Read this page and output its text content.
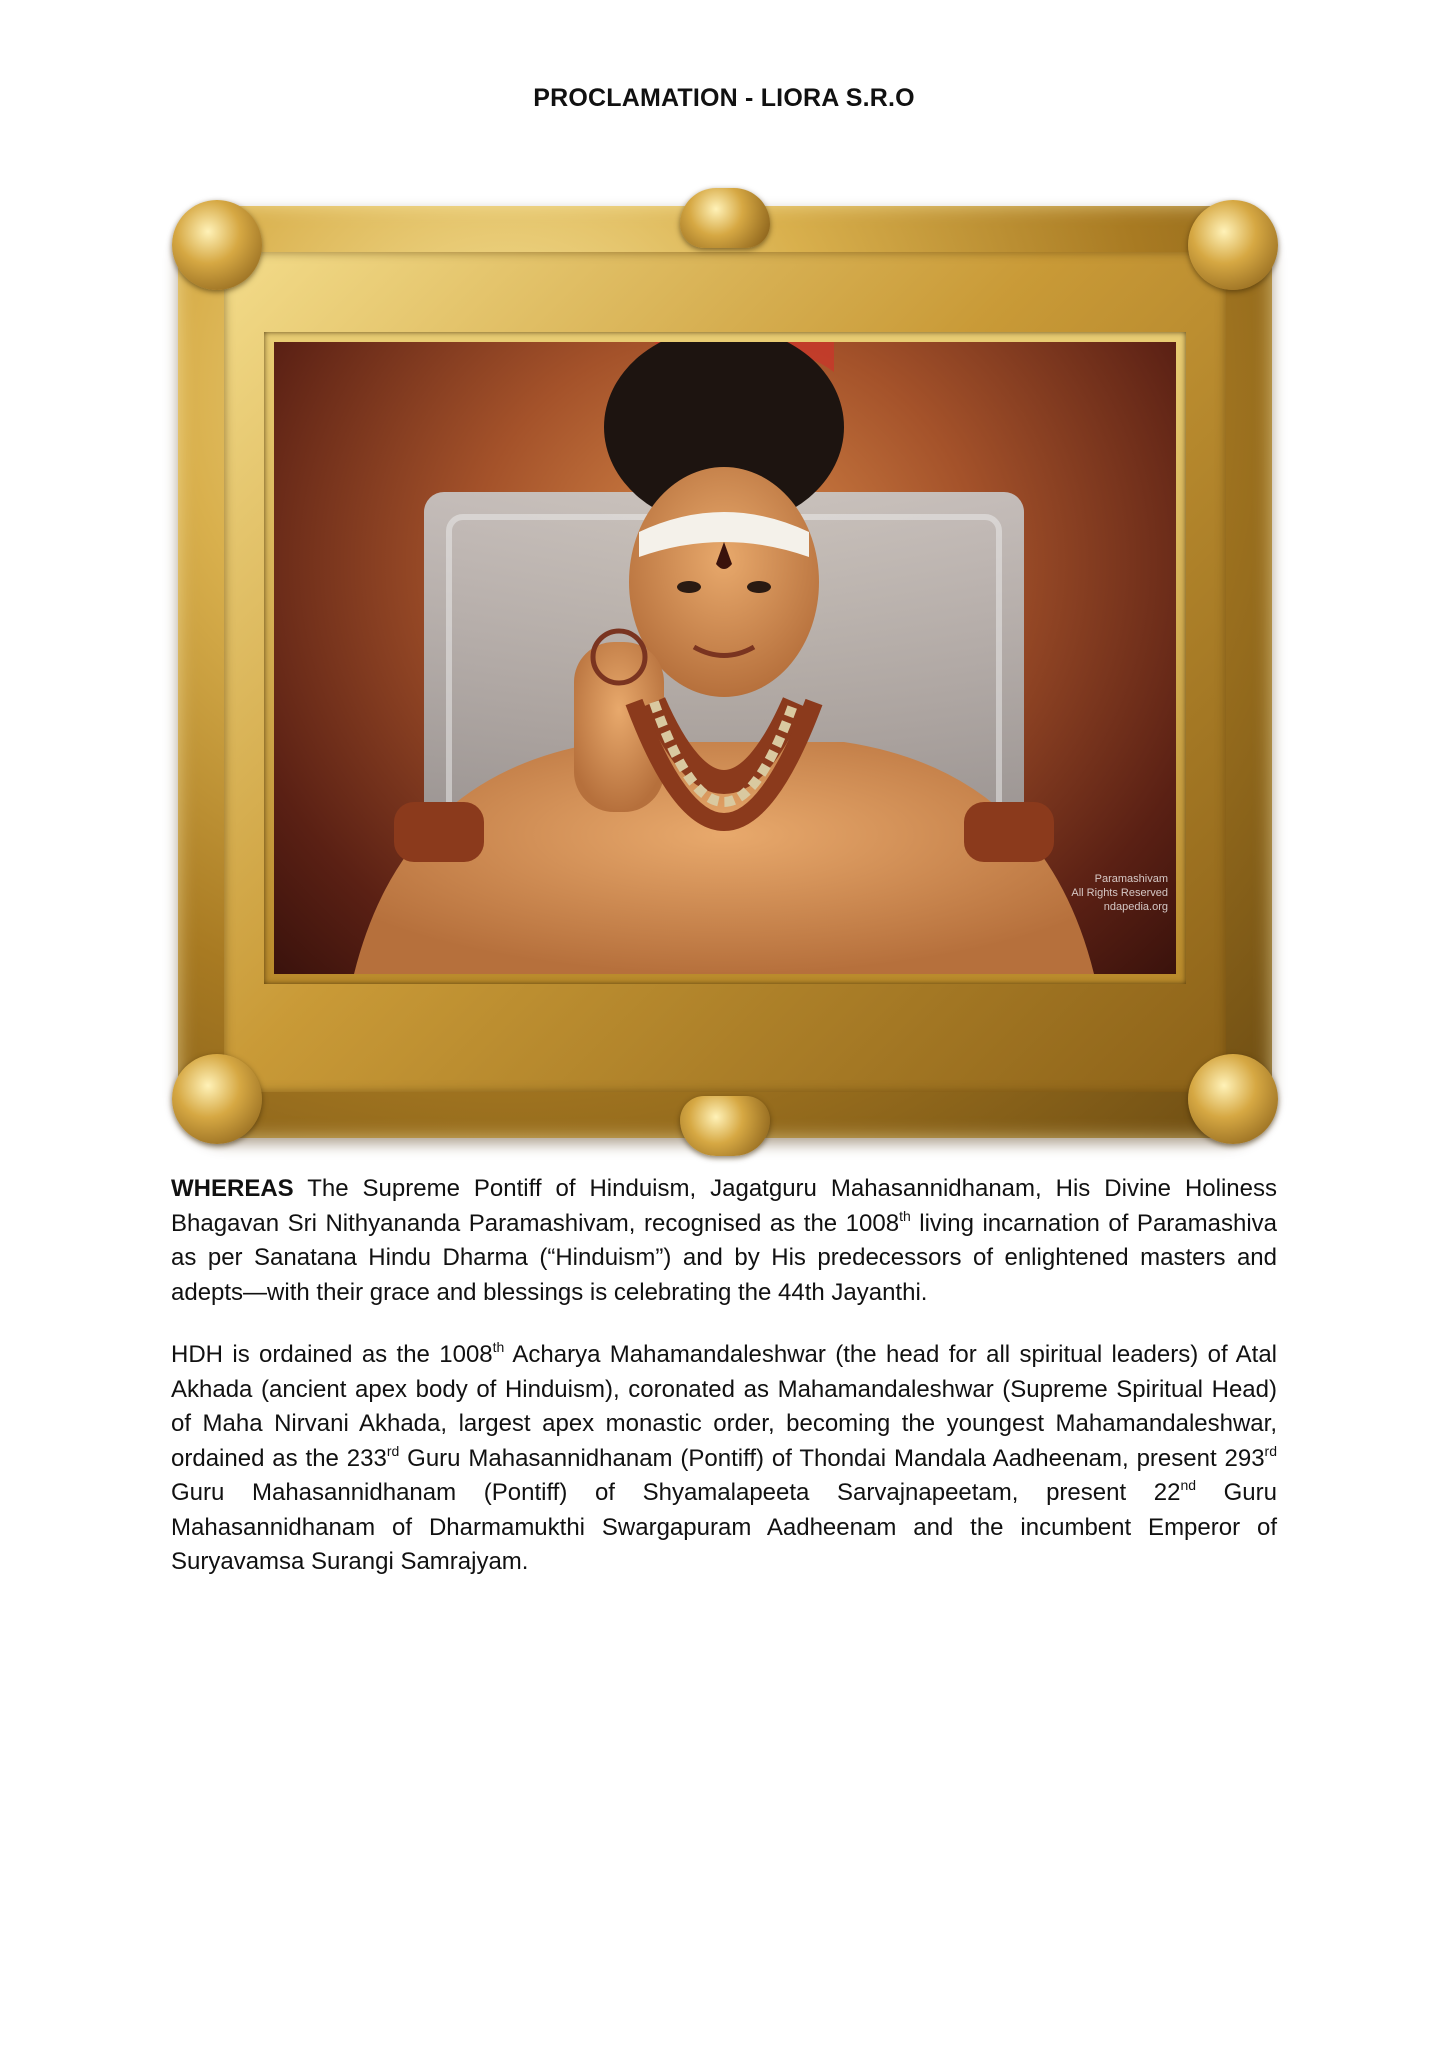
PROCLAMATION - LIORA S.R.O
Paramashivam
All Rights Reserved
ndapedia.org

WHEREAS The Supreme Pontiff of Hinduism, Jagatguru Mahasannidhanam, His Divine Holiness Bhagavan Sri Nithyananda Paramashivam, recognised as the 1008th living incarnation of Paramashiva as per Sanatana Hindu Dharma (“Hinduism”) and by His predecessors of enlightened masters and adepts—with their grace and blessings is celebrating the 44th Jayanthi.

HDH is ordained as the 1008th Acharya Mahamandaleshwar (the head for all spiritual leaders) of Atal Akhada (ancient apex body of Hinduism), coronated as Mahamandaleshwar (Supreme Spiritual Head) of Maha Nirvani Akhada, largest apex monastic order, becoming the youngest Mahamandaleshwar, ordained as the 233rd Guru Mahasannidhanam (Pontiff) of Thondai Mandala Aadheenam, present 293rd Guru Mahasannidhanam (Pontiff) of Shyamalapeeta Sarvajnapeetam, present 22nd Guru Mahasannidhanam of Dharmamukthi Swargapuram Aadheenam and the incumbent Emperor of Suryavamsa Surangi Samrajyam.
